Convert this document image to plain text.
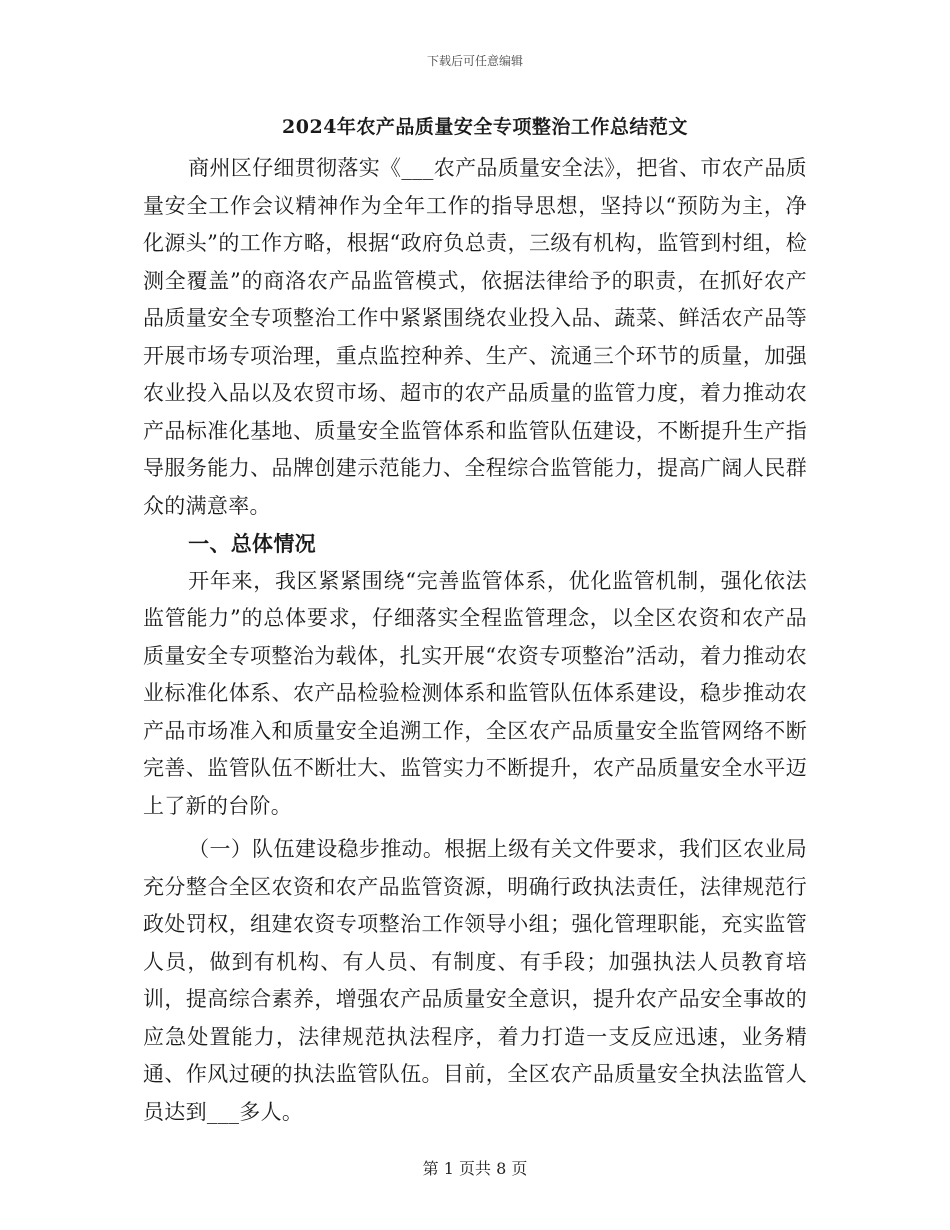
下载后可任意编辑
2024年农产品质量安全专项整治工作总结范文

商州区仔细贯彻落实《___农产品质量安全法》，把省、市农产品质量安全工作会议精神作为全年工作的指导思想，坚持以“预防为主，净化源头”的工作方略，根据“政府负总责，三级有机构，监管到村组，检测全覆盖”的商洛农产品监管模式，依据法律给予的职责，在抓好农产品质量安全专项整治工作中紧紧围绕农业投入品、蔬菜、鲜活农产品等开展市场专项治理，重点监控种养、生产、流通三个环节的质量，加强农业投入品以及农贸市场、超市的农产品质量的监管力度，着力推动农产品标准化基地、质量安全监管体系和监管队伍建设，不断提升生产指导服务能力、品牌创建示范能力、全程综合监管能力，提高广阔人民群众的满意率。

一、总体情况

开年来，我区紧紧围绕“完善监管体系，优化监管机制，强化依法监管能力”的总体要求，仔细落实全程监管理念，以全区农资和农产品质量安全专项整治为载体，扎实开展“农资专项整治”活动，着力推动农业标准化体系、农产品检验检测体系和监管队伍体系建设，稳步推动农产品市场准入和质量安全追溯工作，全区农产品质量安全监管网络不断完善、监管队伍不断壮大、监管实力不断提升，农产品质量安全水平迈上了新的台阶。

（一）队伍建设稳步推动。根据上级有关文件要求，我们区农业局充分整合全区农资和农产品监管资源，明确行政执法责任，法律规范行政处罚权，组建农资专项整治工作领导小组；强化管理职能，充实监管人员，做到有机构、有人员、有制度、有手段；加强执法人员教育培训，提高综合素养，增强农产品质量安全意识，提升农产品安全事故的应急处置能力，法律规范执法程序，着力打造一支反应迅速，业务精通、作风过硬的执法监管队伍。目前，全区农产品质量安全执法监管人员达到___多人。

第 1 页共 8 页
